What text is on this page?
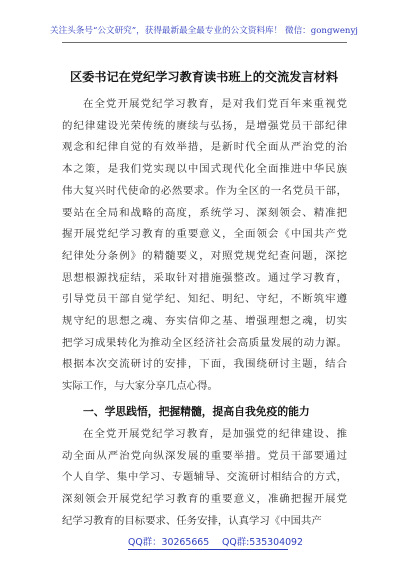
关注头条号“公文研究”，获得最新最全最专业的公文资料库！ 微信：gongwenyj
区委书记在党纪学习教育读书班上的交流发言材料
在全党开展党纪学习教育，是对我们党百年来重视党
的纪律建设光荣传统的赓续与弘扬，是增强党员干部纪律
观念和纪律自觉的有效举措，是新时代全面从严治党的治
本之策，是我们党实现以中国式现代化全面推进中华民族
伟大复兴时代使命的必然要求。作为全区的一名党员干部，
要站在全局和战略的高度，系统学习、深刻领会、精准把
握开展党纪学习教育的重要意义，全面领会《中国共产党
纪律处分条例》的精髓要义，对照党规党纪查问题，深挖
思想根源找症结，采取针对措施强整改。通过学习教育，
引导党员干部自觉学纪、知纪、明纪、守纪，不断筑牢遵
规守纪的思想之魂、夯实信仰之基、增强理想之魂，切实
把学习成果转化为推动全区经济社会高质量发展的动力源。
根据本次交流研讨的安排，下面，我围绕研讨主题，结合
实际工作，与大家分享几点心得。
一、学思践悟，把握精髓，提高自我免疫的能力
在全党开展党纪学习教育，是加强党的纪律建设、推
动全面从严治党向纵深发展的重要举措。党员干部要通过
个人自学、集中学习、专题辅导、交流研讨相结合的方式，
深刻领会开展党纪学习教育的重要意义，准确把握开展党
纪学习教育的目标要求、任务安排，认真学习《中国共产
QQ群：30265665 QQ群:535304092
